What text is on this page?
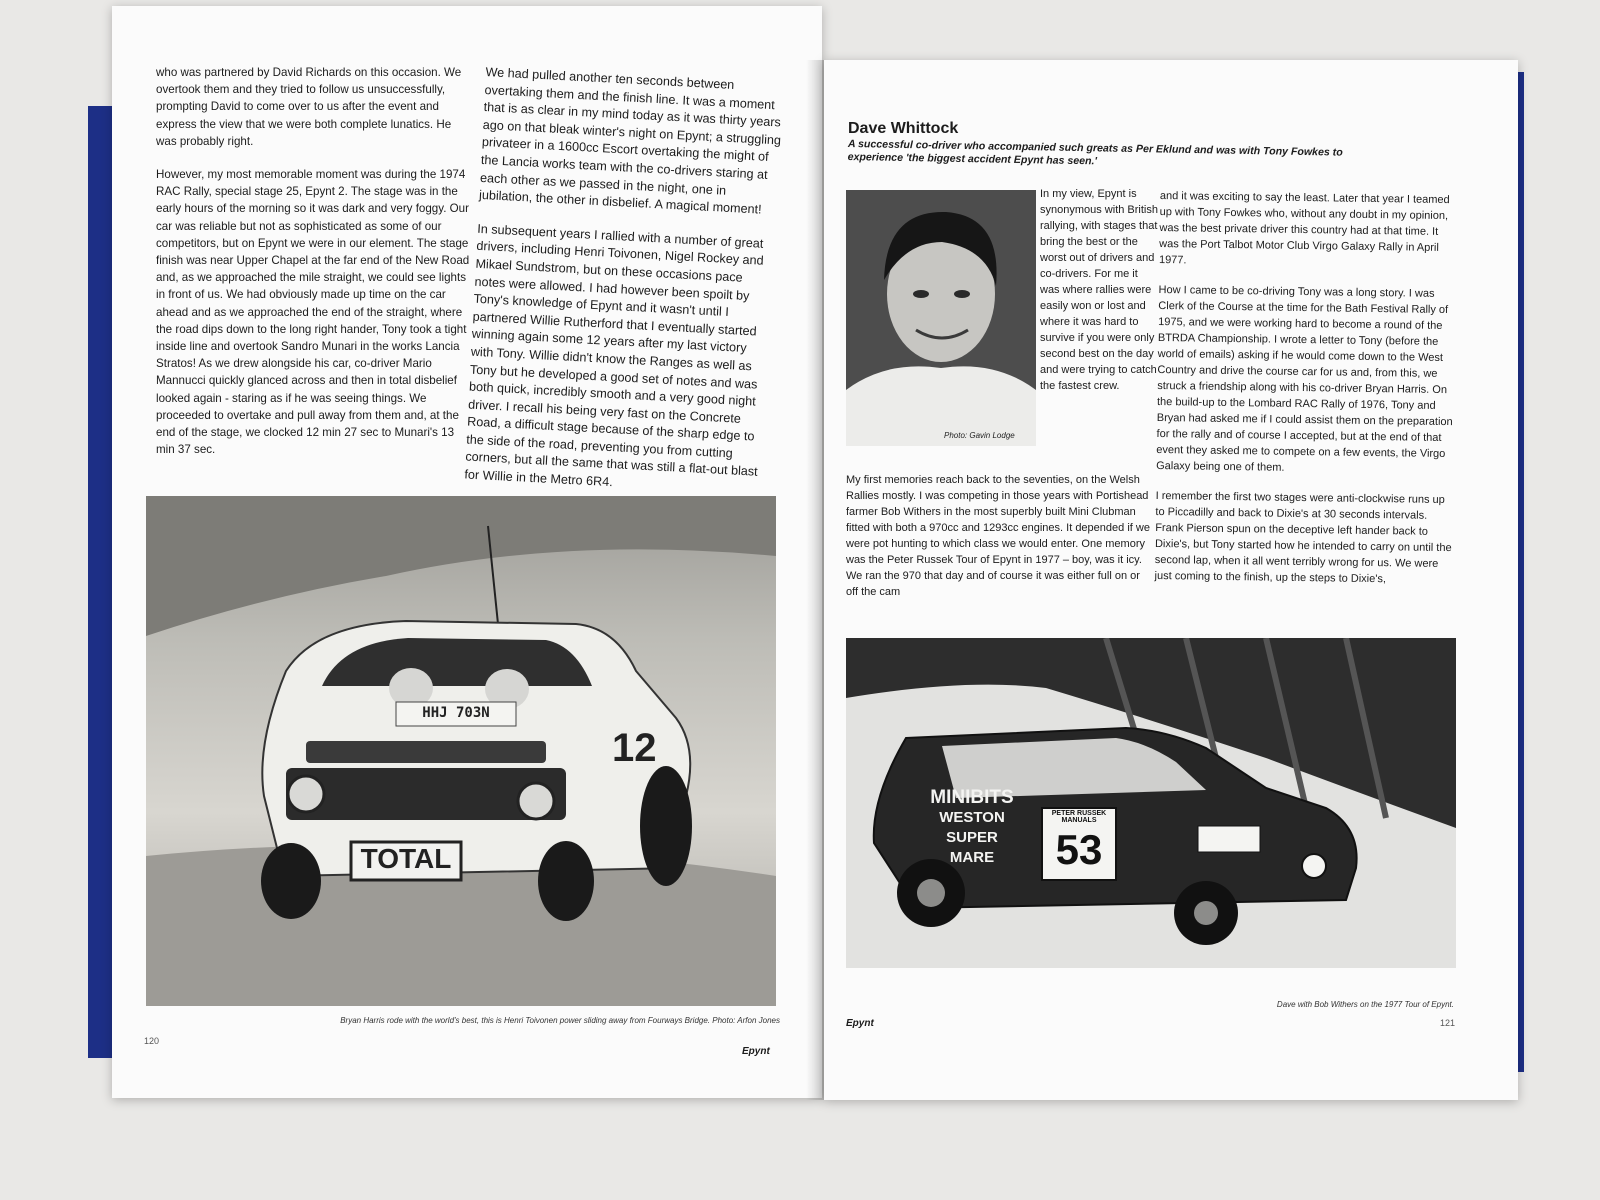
who was partnered by David Richards on this occasion. We overtook them and they tried to follow us unsuccessfully, prompting David to come over to us after the event and express the view that we were both complete lunatics. He was probably right.

However, my most memorable moment was during the 1974 RAC Rally, special stage 25, Epynt 2. The stage was in the early hours of the morning so it was dark and very foggy. Our car was reliable but not as sophisticated as some of our competitors, but on Epynt we were in our element. The stage finish was near Upper Chapel at the far end of the New Road and, as we approached the mile straight, we could see lights in front of us. We had obviously made up time on the car ahead and as we approached the end of the straight, where the road dips down to the long right hander, Tony took a tight inside line and overtook Sandro Munari in the works Lancia Stratos! As we drew alongside his car, co-driver Mario Mannucci quickly glanced across and then in total disbelief looked again - staring as if he was seeing things. We proceeded to overtake and pull away from them and, at the end of the stage, we clocked 12 min 27 sec to Munari's 13 min 37 sec.

We had pulled another ten seconds between overtaking them and the finish line. It was a moment that is as clear in my mind today as it was thirty years ago on that bleak winter's night on Epynt; a struggling privateer in a 1600cc Escort overtaking the might of the Lancia works team with the co-drivers staring at each other as we passed in the night, one in jubilation, the other in disbelief. A magical moment!

In subsequent years I rallied with a number of great drivers, including Henri Toivonen, Nigel Rockey and Mikael Sundstrom, but on these occasions pace notes were allowed. I had however been spoilt by Tony's knowledge of Epynt and it wasn't until I partnered Willie Rutherford that I eventually started winning again some 12 years after my last victory with Tony. Willie didn't know the Ranges as well as Tony but he developed a good set of notes and was both quick, incredibly smooth and a very good night driver. I recall his being very fast on the Concrete Road, a difficult stage because of the sharp edge to the side of the road, preventing you from cutting corners, but all the same that was still a flat-out blast for Willie in the Metro 6R4.

HHJ 703N
TOTAL
12
Bryan Harris rode with the world's best, this is Henri Toivonen power sliding away from Fourways Bridge. Photo: Arfon Jones
120
Epynt
Dave Whittock
A successful co-driver who accompanied such greats as Per Eklund and was with Tony Fowkes to experience 'the biggest accident Epynt has seen.'
Photo: Gavin Lodge

In my view, Epynt is synonymous with British rallying, with stages that bring the best or the worst out of drivers and co-drivers. For me it was where rallies were easily won or lost and where it was hard to survive if you were only second best on the day and were trying to catch the fastest crew.

My first memories reach back to the seventies, on the Welsh Rallies mostly. I was competing in those years with Portishead farmer Bob Withers in the most superbly built Mini Clubman fitted with both a 970cc and 1293cc engines. It depended if we were pot hunting to which class we would enter. One memory was the Peter Russek Tour of Epynt in 1977 – boy, was it icy. We ran the 970 that day and of course it was either full on or off the cam

and it was exciting to say the least. Later that year I teamed up with Tony Fowkes who, without any doubt in my opinion, was the best private driver this country had at that time. It was the Port Talbot Motor Club Virgo Galaxy Rally in April 1977.

How I came to be co-driving Tony was a long story. I was Clerk of the Course at the time for the Bath Festival Rally of 1975, and we were working hard to become a round of the BTRDA Championship. I wrote a letter to Tony (before the world of emails) asking if he would come down to the West Country and drive the course car for us and, from this, we struck a friendship along with his co-driver Bryan Harris. On the build-up to the Lombard RAC Rally of 1976, Tony and Bryan had asked me if I could assist them on the preparation for the rally and of course I accepted, but at the end of that event they asked me to compete on a few events, the Virgo Galaxy being one of them.

I remember the first two stages were anti-clockwise runs up to Piccadilly and back to Dixie's at 30 seconds intervals. Frank Pierson spun on the deceptive left hander back to Dixie's, but Tony started how he intended to carry on until the second lap, when it all went terribly wrong for us. We were just coming to the finish, up the steps to Dixie's,

MINIBITS
WESTON
SUPER
MARE
PETER RUSSEK MANUALS
53
Dave with Bob Withers on the 1977 Tour of Epynt.
Epynt	121
